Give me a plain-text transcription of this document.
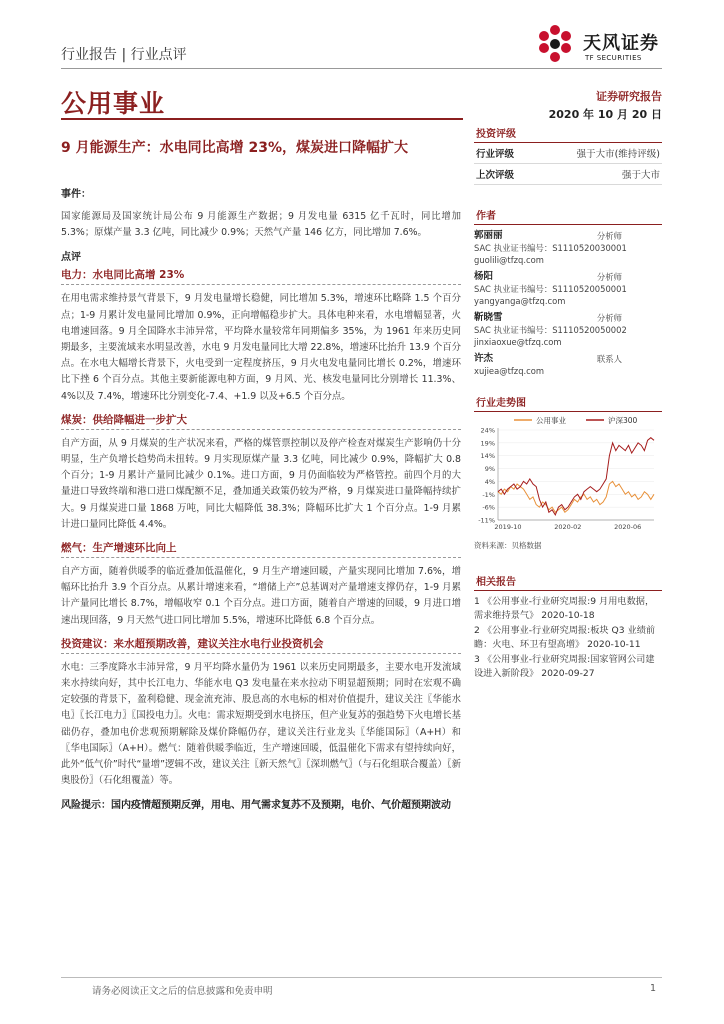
行业报告 | 行业点评
公用事业
天风证券
TF SECURITIES
证券研究报告
2020 年 10 月 20 日
9 月能源生产：水电同比高增 23%，煤炭进口降幅扩大
事件：
国家能源局及国家统计局公布 9 月能源生产数据；9 月发电量 6315 亿千瓦时，同比增加 5.3%；原煤产量 3.3 亿吨，同比减少 0.9%；天然气产量 146 亿方，同比增加 7.6%。
点评
电力：水电同比高增 23%
在用电需求维持景气背景下，9 月发电量增长稳健，同比增加 5.3%，增速环比略降 1.5 个百分点；1-9 月累计发电量同比增加 0.9%，正向增幅稳步扩大。具体电种来看，水电增幅显著，火电增速回落。9 月全国降水丰沛异常，平均降水量较常年同期偏多 35%，为 1961 年来历史同期最多，主要流域来水明显改善，水电 9 月发电量同比大增 22.8%，增速环比抬升 13.9 个百分点。在水电大幅增长背景下，火电受到一定程度挤压，9 月火电发电量同比增长 0.2%，增速环比下挫 6 个百分点。其他主要新能源电种方面，9 月风、光、核发电量同比分别增长 11.3%、4%以及 7.4%，增速环比分别变化-7.4、+1.9 以及+6.5 个百分点。
煤炭：供给降幅进一步扩大
自产方面，从 9 月煤炭的生产状况来看，严格的煤管票控制以及停产检查对煤炭生产影响仍十分明显，生产负增长趋势尚未扭转。9 月实现原煤产量 3.3 亿吨，同比减少 0.9%，降幅扩大 0.8 个百分；1-9 月累计产量同比减少 0.1%。进口方面，9 月仍面临较为严格管控。前四个月的大量进口导致终端和港口进口煤配额不足，叠加通关政策仍较为严格，9 月煤炭进口量降幅持续扩大。9 月煤炭进口量 1868 万吨，同比大幅降低 38.3%；降幅环比扩大 1 个百分点。1-9 月累计进口量同比降低 4.4%。
燃气：生产增速环比向上
自产方面，随着供暖季的临近叠加低温催化，9 月生产增速回暖，产量实现同比增加 7.6%，增幅环比抬升 3.9 个百分点。从累计增速来看，“增储上产”总基调对产量增速支撑仍存，1-9 月累计产量同比增长 8.7%，增幅收窄 0.1 个百分点。进口方面，随着自产增速的回暖，9 月进口增速出现回落，9 月天然气进口同比增加 5.5%，增速环比降低 6.8 个百分点。
投资建议：来水超预期改善，建议关注水电行业投资机会
水电：三季度降水丰沛异常，9 月平均降水量仍为 1961 以来历史同期最多，主要水电开发流域来水持续向好，其中长江电力、华能水电 Q3 发电量在来水拉动下明显超预期；同时在宏观不确定较强的背景下，盈利稳健、现金流充沛、股息高的水电标的相对价值提升，建议关注〖华能水电〗〖长江电力〗〖国投电力〗。火电：需求短期受到水电挤压，但产业复苏的强趋势下火电增长基础仍存，叠加电价悲观预期解除及煤价降幅仍存，建议关注行业龙头〖华能国际〗（A+H）和〖华电国际〗（A+H）。燃气：随着供暖季临近，生产增速回暖，低温催化下需求有望持续向好，此外“低气价”时代“量增”逻辑不改，建议关注〖新天然气〗〖深圳燃气〗（与石化组联合覆盖）〖新奥股份〗（石化组覆盖）等。
风险提示：国内疫情超预期反弹，用电、用气需求复苏不及预期，电价、气价超预期波动
投资评级
行业评级	强于大市(维持评级)
上次评级	强于大市
作者
郭丽丽	分析师
SAC 执业证书编号：S1110520030001
guolili@tfzq.com
杨阳	分析师
SAC 执业证书编号：S1110520050001
yangyanga@tfzq.com
靳晓雪	分析师
SAC 执业证书编号：S1110520050002
jinxiaoxue@tfzq.com
许杰	联系人
xujiea@tfzq.com
行业走势图
公用事业	沪深300
24%
19%
14%
9%
4%
-1%
-6%
-11%
2019-10	2020-02	2020-06
资料来源：贝格数据
相关报告
1 《公用事业-行业研究周报:9 月用电数据，需求维持景气》 2020-10-18
2 《公用事业-行业研究周报:板块 Q3 业绩前瞻：火电、环卫有望高增》 2020-10-11
3 《公用事业-行业研究周报:国家管网公司建设进入新阶段》 2020-09-27
请务必阅读正文之后的信息披露和免责申明	1
